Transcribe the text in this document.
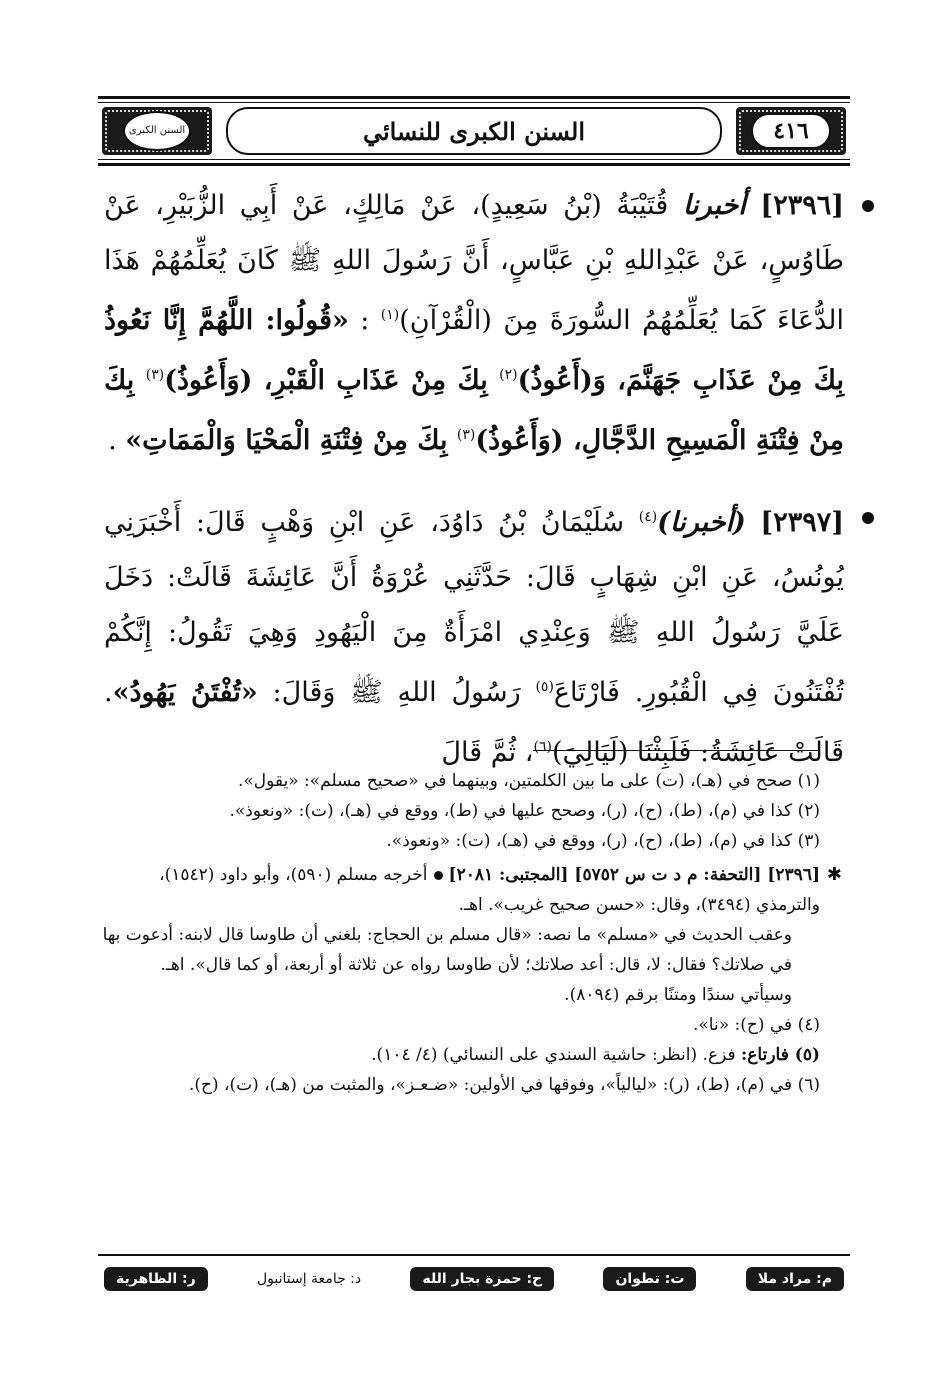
٤١٦
السنن الكبرى للنسائي
السنن الكبرى

[٢٣٩٦] أخبرنا قُتَيْبَةُ (بْنُ سَعِيدٍ)، عَنْ مَالِكٍ، عَنْ أَبِي الزُّبَيْرِ، عَنْ طَاوُسٍ، عَنْ عَبْدِاللهِ بْنِ عَبَّاسٍ، أَنَّ رَسُولَ اللهِ ﷺ كَانَ يُعَلِّمُهُمْ هَذَا الدُّعَاءَ كَمَا يُعَلِّمُهُمُ السُّورَةَ مِنَ (الْقُرْآنِ)$^{(١)}$ : «قُولُوا: اللَّهُمَّ إِنَّا نَعُوذُ بِكَ مِنْ عَذَابِ جَهَنَّمَ، وَ(أَعُوذُ)$^{(٢)}$ بِكَ مِنْ عَذَابِ الْقَبْرِ، (وَأَعُوذُ)$^{(٣)}$ بِكَ مِنْ فِتْنَةِ الْمَسِيحِ الدَّجَّالِ، (وَأَعُوذُ)$^{(٣)}$ بِكَ مِنْ فِتْنَةِ الْمَحْيَا وَالْمَمَاتِ» .

[٢٣٩٧] (أخبرنا)$^{(٤)}$ سُلَيْمَانُ بْنُ دَاوُدَ، عَنِ ابْنِ وَهْبٍ قَالَ: أَخْبَرَنِي يُونُسُ، عَنِ ابْنِ شِهَابٍ قَالَ: حَدَّثَنِي عُرْوَةُ أَنَّ عَائِشَةَ قَالَتْ: دَخَلَ عَلَيَّ رَسُولُ اللهِ ﷺ وَعِنْدِي امْرَأَةٌ مِنَ الْيَهُودِ وَهِيَ تَقُولُ: إِنَّكُمْ تُفْتَنُونَ فِي الْقُبُورِ. فَارْتَاعَ$^{(٥)}$ رَسُولُ اللهِ ﷺ وَقَالَ: «تُفْتَنُ يَهُودُ». قَالَتْ عَائِشَةُ: فَلَبِثْنَا (لَيَالِيَ)$^{(٦)}$، ثُمَّ قَالَ

(١) صحح في (هـ)، (ت) على ما بين الكلمتين، وبينهما في «صحيح مسلم»: «يقول».

(٢) كذا في (م)، (ط)، (ح)، (ر)، وصحح عليها في (ط)، ووقع في (هـ)، (ت): «ونعوذ».

(٣) كذا في (م)، (ط)، (ح)، (ر)، ووقع في (هـ)، (ت): «ونعوذ».

✱
[٢٣٩٦] [التحفة: م د ت س ٥٧٥٢] [المجتبى: ٢٠٨١]أخرجه مسلم (٥٩٠)، وأبو داود (١٥٤٢)، والترمذي (٣٤٩٤)، وقال: «حسن صحيح غريب». اهـ.

وعقب الحديث في «مسلم» ما نصه: «قال مسلم بن الحجاج: بلغني أن طاوسا قال لابنه: أدعوت بها في صلاتك؟ فقال: لا، قال: أعد صلاتك؛ لأن طاوسا رواه عن ثلاثة أو أربعة، أو كما قال». اهـ.

وسيأتي سندًا ومتنًا برقم (٨٠٩٤).

(٤) في (ح): «نا».

(٥) فارتاع: فزع. (انظر: حاشية السندي على النسائي) (٤/ ١٠٤).

(٦) في (م)، (ط)، (ر): «ليالياً»، وفوقها في الأولين: «ضـعـز»، والمثبت من (هـ)، (ت)، (ح).

م: مراد ملا
ت: تطوان
ح: حمزة بجار الله
د: جامعة إستانبول
ر: الظاهرية
